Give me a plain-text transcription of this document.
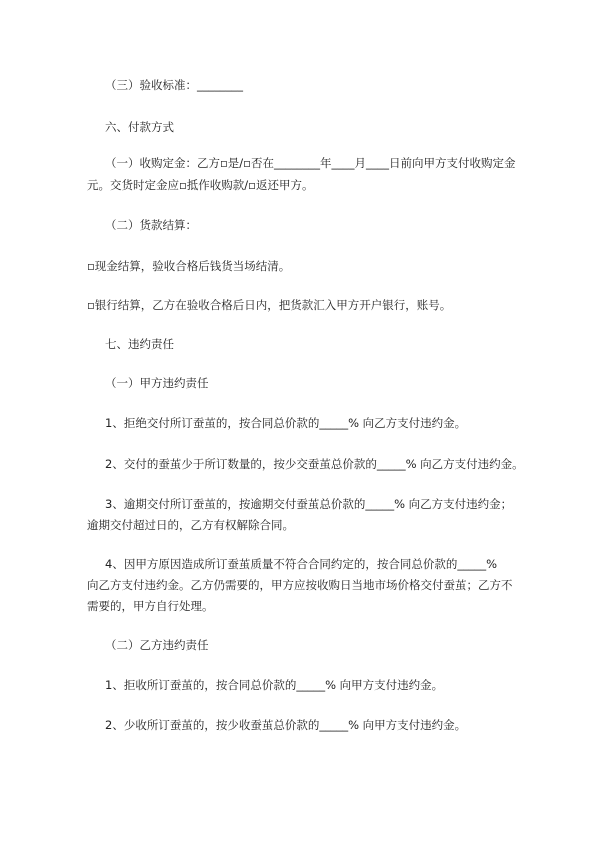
（三）验收标准：________
六、付款方式
（一）收购定金：乙方▫是/▫否在________年____月____日前向甲方支付收购定金
元。交货时定金应▫抵作收购款/▫返还甲方。
（二）货款结算：
▫现金结算，验收合格后钱货当场结清。
▫银行结算，乙方在验收合格后日内，把货款汇入甲方开户银行，账号。
七、违约责任
（一）甲方违约责任
1、拒绝交付所订蚕茧的，按合同总价款的_____% 向乙方支付违约金。
2、交付的蚕茧少于所订数量的，按少交蚕茧总价款的_____% 向乙方支付违约金。
3、逾期交付所订蚕茧的，按逾期交付蚕茧总价款的_____% 向乙方支付违约金；
逾期交付超过日的，乙方有权解除合同。
4、因甲方原因造成所订蚕茧质量不符合合同约定的，按合同总价款的_____%
向乙方支付违约金。乙方仍需要的，甲方应按收购日当地市场价格交付蚕茧；乙方不
需要的，甲方自行处理。
（二）乙方违约责任
1、拒收所订蚕茧的，按合同总价款的_____% 向甲方支付违约金。
2、少收所订蚕茧的，按少收蚕茧总价款的_____% 向甲方支付违约金。
